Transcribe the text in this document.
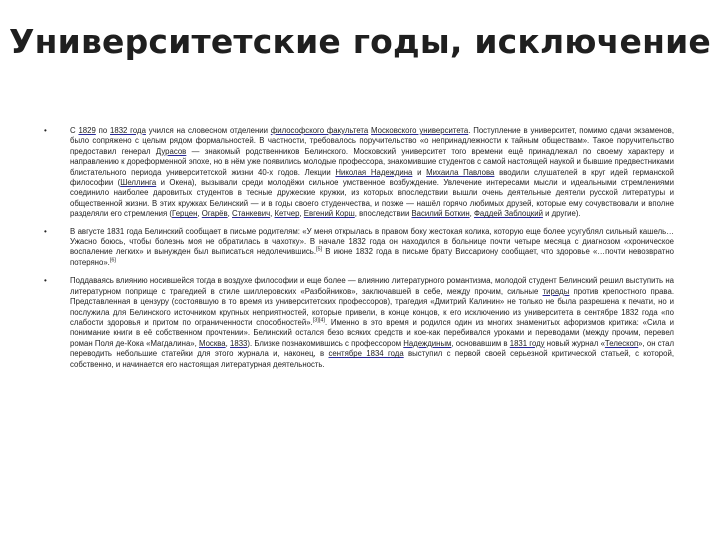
Университетские годы, исключение
•	С 1829 по 1832 года учился на словесном отделении философского факультета Московского университета. Поступление в университет, помимо сдачи экзаменов, было сопряжено с целым рядом формальностей. В частности, требовалось поручительство «о непринадлежности к тайным обществам». Такое поручительство предоставил генерал Дурасов — знакомый родственников Белинского. Московский университет того времени ещё принадлежал по своему характеру и направлению к дореформенной эпохе, но в нём уже появились молодые профессора, знакомившие студентов с самой настоящей наукой и бывшие предвестниками блистательного периода университетской жизни 40-х годов. Лекции Николая Надеждина и Михаила Павлова вводили слушателей в круг идей германской философии (Шеллинга и Окена), вызывали среди молодёжи сильное умственное возбуждение. Увлечение интересами мысли и идеальными стремлениями соединило наиболее даровитых студентов в тесные дружеские кружки, из которых впоследствии вышли очень деятельные деятели русской литературы и общественной жизни. В этих кружках Белинский — и в годы своего студенчества, и позже — нашёл горячо любимых друзей, которые ему сочувствовали и вполне разделяли его стремления (Герцен, Огарёв, Станкевич, Кетчер, Евгений Корш, впоследствии Василий Боткин, Фаддей Заблоцкий и другие).
•	В августе 1831 года Белинский сообщает в письме родителям: «У меня открылась в правом боку жестокая колика, которую еще более усугублял сильный кашель… Ужасно боюсь, чтобы болезнь моя не обратилась в чахотку». В начале 1832 года он находился в больнице почти четыре месяца с диагнозом «хроническое воспаление легких» и вынужден был выписаться недолечившись.[5] В июне 1832 года в письме брату Виссариону сообщает, что здоровье «…почти невозвратно потеряно».[6]
•	Поддаваясь влиянию носившейся тогда в воздухе философии и еще более — влиянию литературного романтизма, молодой студент Белинский решил выступить на литературном поприще с трагедией в стиле шиллеровских «Разбойников», заключавшей в себе, между прочим, сильные тирады против крепостного права. Представленная в цензуру (состоявшую в то время из университетских профессоров), трагедия «Дмитрий Калинин» не только не была разрешена к печати, но и послужила для Белинского источником крупных неприятностей, которые привели, в конце концов, к его исключению из университета в сентябре 1832 года «по слабости здоровья и притом по ограниченности способностей».[3][4]. Именно в это время и родился один из многих знаменитых афоризмов критика: «Сила и понимание книги в её собственном прочтении». Белинский остался безо всяких средств и кое-как перебивался уроками и переводами (между прочим, перевел роман Поля де-Кока «Магдалина», Москва, 1833). Близке познакомившись с профессором Надеждиным, основавшим в 1831 году новый журнал «Телескоп», он стал переводить небольшие статейки для этого журнала и, наконец, в сентябре 1834 года выступил с первой своей серьезной критической статьей, с которой, собственно, и начинается его настоящая литературная деятельность.
